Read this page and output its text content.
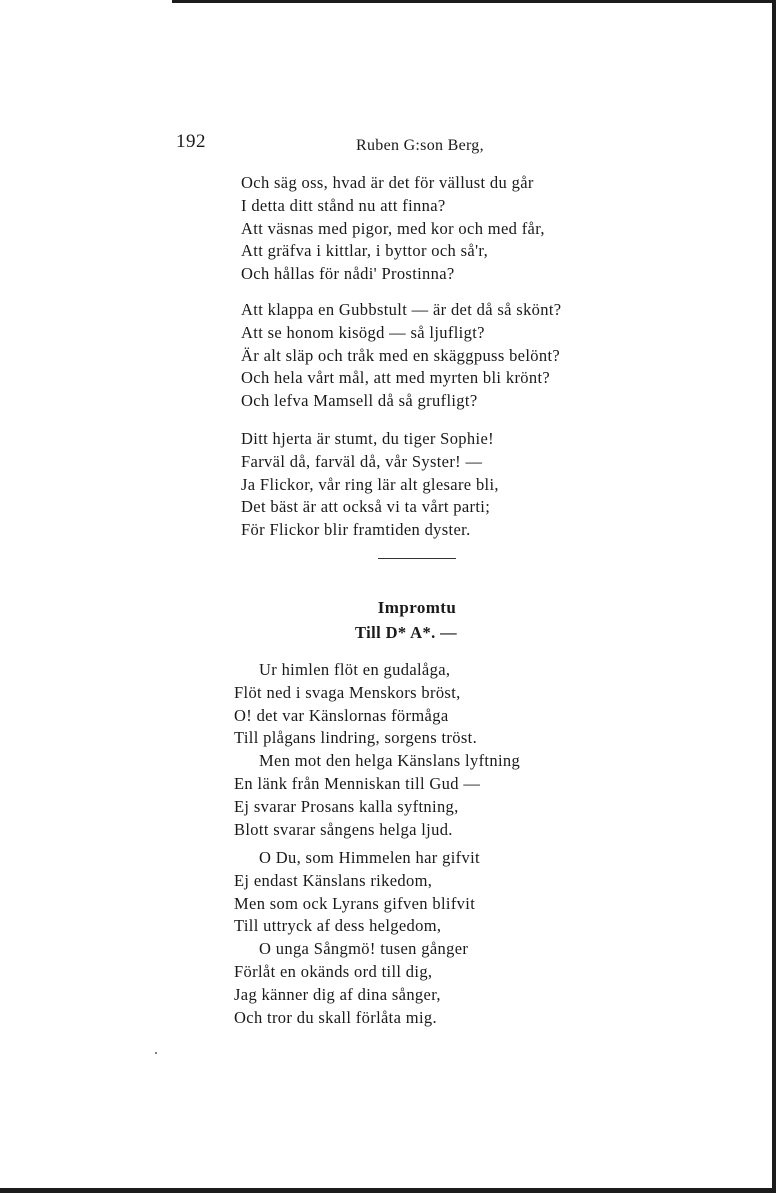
192	Ruben G:son Berg,
Och säg oss, hvad är det för vällust du går
I detta ditt stånd nu att finna?
Att väsnas med pigor, med kor och med får,
Att gräfva i kittlar, i byttor och så'r,
Och hållas för nådi' Prostinna?
Att klappa en Gubbstult — är det då så skönt?
Att se honom kisögd — så ljufligt?
Är alt släp och tråk med en skäggpuss belönt?
Och hela vårt mål, att med myrten bli krönt?
Och lefva Mamsell då så grufligt?
Ditt hjerta är stumt, du tiger Sophie!
Farväl då, farväl då, vår Syster! —
Ja Flickor, vår ring lär alt glesare bli,
Det bäst är att också vi ta vårt parti;
För Flickor blir framtiden dyster.
Impromtu
Till D* A*. —
Ur himlen flöt en gudalåga,
Flöt ned i svaga Menskors bröst,
O! det var Känslornas förmåga
Till plågans lindring, sorgens tröst.
Men mot den helga Känslans lyftning
En länk från Menniskan till Gud —
Ej svarar Prosans kalla syftning,
Blott svarar sångens helga ljud.
O Du, som Himmelen har gifvit
Ej endast Känslans rikedom,
Men som ock Lyrans gifven blifvit
Till uttryck af dess helgedom,
O unga Sångmö! tusen gånger
Förlåt en okänds ord till dig,
Jag känner dig af dina sånger,
Och tror du skall förlåta mig.
